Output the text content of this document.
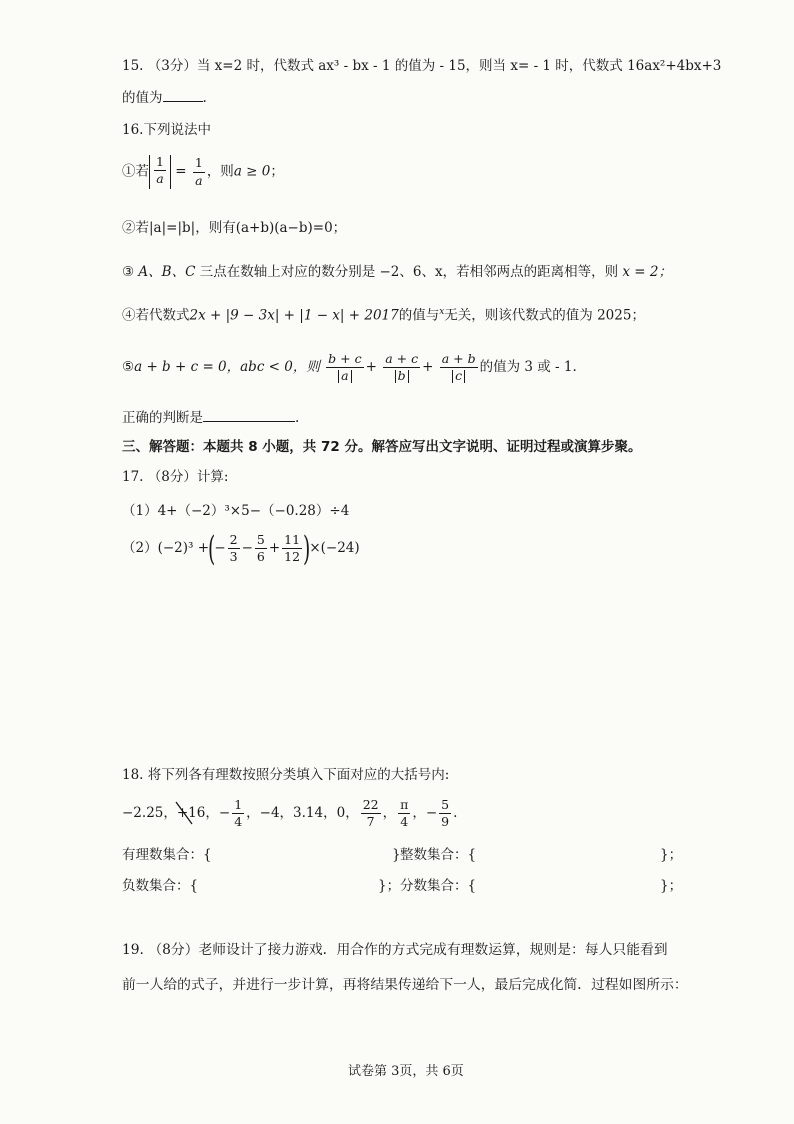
15. （3分）当 x=2 时，代数式 ax³ - bx - 1 的值为 - 15，则当 x= - 1 时，代数式 16ax²+4bx+3
的值为	.
16.下列说法中
①若 $\frac{1}{a} = \frac{1}{a}$ ，则a ≥ 0；
②若|a|=|b|，则有(a+b)(a−b)=0；
③ A、B、C 三点在数轴上对应的数分别是 −2、6、x，若相邻两点的距离相等，则 x = 2；
④若代数式2x + |9 − 3x| + |1 − x| + 2017的值与$^x$无关，则该代数式的值为 2025；
⑤a + b + c = 0，abc < 0，则 $\frac{b + c}{a} + \frac{a + c}{b} + \frac{a + b}{c}$ 的值为 3 或 - 1.
正确的判断是	.
三、解答题：本题共 8 小题，共 72 分。解答应写出文字说明、证明过程或演算步聚。
17. （8分）计算:
（1）4+（−2）³×5−（−0.28）÷4
（2）(−2)³ +(− $\frac{2}{3} - \frac{5}{6} + \frac{11}{12} )\times(-24)$
18. 将下列各有理数按照分类填入下面对应的大括号内:
−2.25，+16
，− $\frac{1}{4}$ ，−4，3.14，0， $\frac{22}{7}$ ， $\frac{\pi}{4}$ ，− $\frac{5}{9}$ .
有理数集合：{	} 整数集合：{	}；
负数集合：{	}； 分数集合：{	}；
19. （8分）老师设计了接力游戏．用合作的方式完成有理数运算，规则是：每人只能看到
前一人给的式子，并进行一步计算，再将结果传递给下一人，最后完成化简．过程如图所示：
试卷第 3页，共 6页
